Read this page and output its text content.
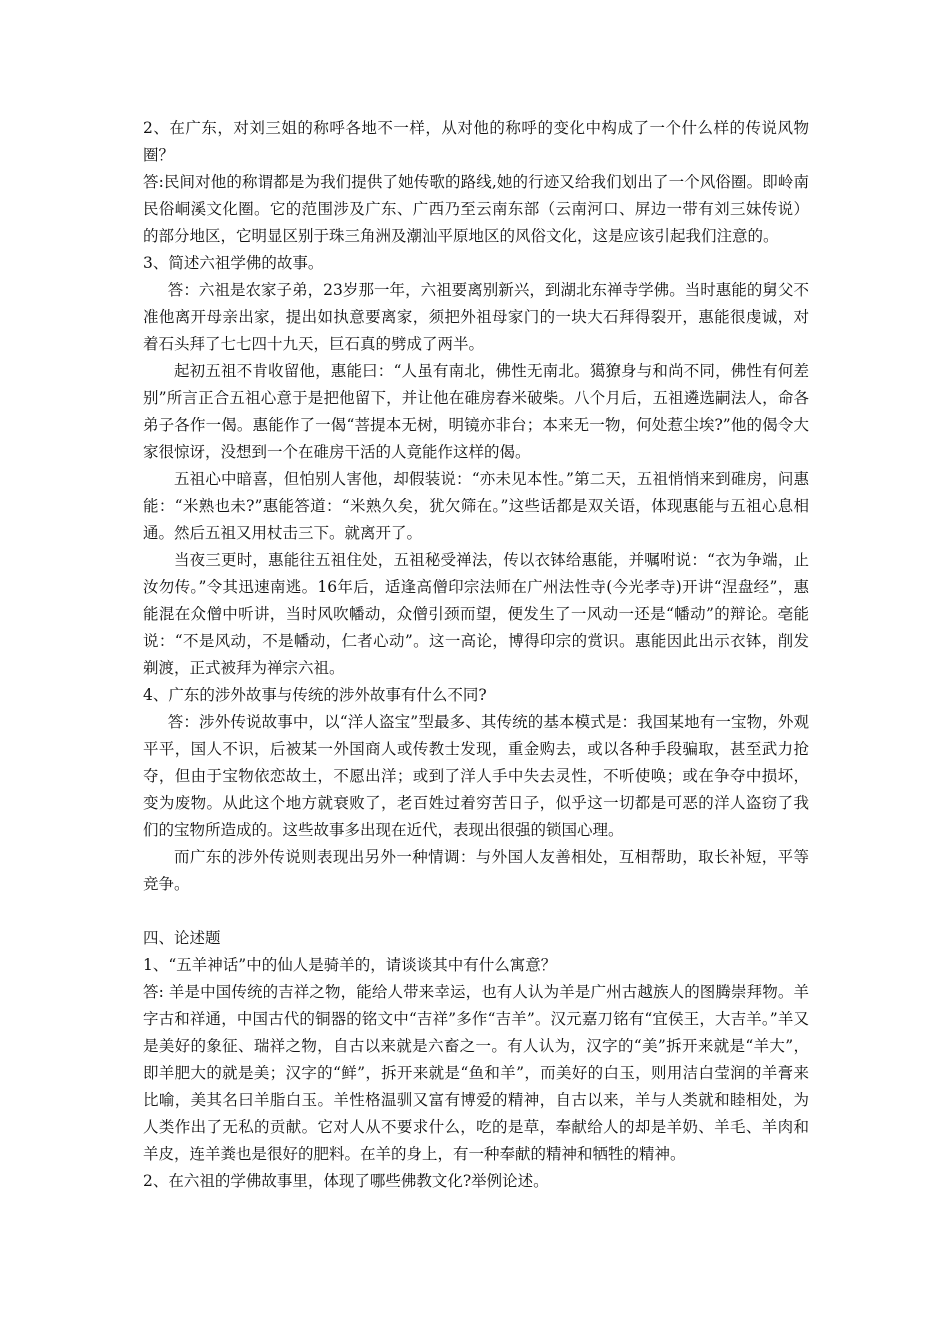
2、在广东，对刘三姐的称呼各地不一样，从对他的称呼的变化中构成了一个什么样的传说风物圈？

答:民间对他的称谓都是为我们提供了她传歌的路线,她的行迹又给我们划出了一个风俗圈。即岭南民俗峒溪文化圈。它的范围涉及广东、广西乃至云南东部（云南河口、屏边一带有刘三妹传说）的部分地区，它明显区别于珠三角洲及潮汕平原地区的风俗文化，这是应该引起我们注意的。

3、简述六祖学佛的故事。

答：六祖是农家子弟，23岁那一年，六祖要离别新兴，到湖北东禅寺学佛。当时惠能的舅父不准他离开母亲出家，提出如执意要离家，须把外祖母家门的一块大石拜得裂开，惠能很虔诚，对着石头拜了七七四十九天，巨石真的劈成了两半。

起初五祖不肯收留他，惠能曰：“人虽有南北，佛性无南北。獦獠身与和尚不同，佛性有何差别”所言正合五祖心意于是把他留下，并让他在碓房舂米破柴。八个月后，五祖遴选嗣法人，命各弟子各作一偈。惠能作了一偈“菩提本无树，明镜亦非台；本来无一物，何处惹尘埃?”他的偈令大家很惊讶，没想到一个在碓房干活的人竟能作这样的偈。

五祖心中暗喜，但怕别人害他，却假装说：“亦未见本性。”第二天，五祖悄悄来到碓房，问惠能：“米熟也未?”惠能答道：“米熟久矣，犹欠筛在。”这些话都是双关语，体现惠能与五祖心息相通。然后五祖又用杖击三下。就离开了。

当夜三更时，惠能往五祖住处，五祖秘受禅法，传以衣钵给惠能，并嘱咐说：“衣为争端，止汝勿传。”令其迅速南逃。16年后，适逢高僧印宗法师在广州法性寺(今光孝寺)开讲“涅盘经”，惠能混在众僧中听讲，当时风吹幡动，众僧引颈而望，便发生了一风动一还是“幡动”的辩论。亳能说：“不是风动，不是幡动，仁者心动”。这一高论，博得印宗的赏识。惠能因此出示衣钵，削发剃渡，正式被拜为禅宗六祖。

4、广东的涉外故事与传统的涉外故事有什么不同?

答：涉外传说故事中，以“洋人盗宝”型最多、其传统的基本模式是：我国某地有一宝物，外观平平，国人不识，后被某一外国商人或传教士发现，重金购去，或以各种手段骗取，甚至武力抢夺，但由于宝物依恋故土，不愿出洋；或到了洋人手中失去灵性，不听使唤；或在争夺中损坏，变为废物。从此这个地方就衰败了，老百姓过着穷苦日子，似乎这一切都是可恶的洋人盗窃了我们的宝物所造成的。这些故事多出现在近代，表现出很强的锁国心理。

而广东的涉外传说则表现出另外一种情调：与外国人友善相处，互相帮助，取长补短，平等竞争。

四、论述题

1、“五羊神话”中的仙人是骑羊的，请谈谈其中有什么寓意？

答: 羊是中国传统的吉祥之物，能给人带来幸运，也有人认为羊是广州古越族人的图腾崇拜物。羊字古和祥通，中国古代的铜器的铭文中“吉祥”多作“吉羊”。汉元嘉刀铭有“宜侯王，大吉羊。”羊又是美好的象征、瑞祥之物，自古以来就是六畜之一。有人认为，汉字的“美”拆开来就是“羊大”，即羊肥大的就是美；汉字的“鲜”，拆开来就是“鱼和羊”，而美好的白玉，则用洁白莹润的羊膏来比喻，美其名曰羊脂白玉。羊性格温驯又富有博爱的精神，自古以来，羊与人类就和睦相处，为人类作出了无私的贡献。它对人从不要求什么，吃的是草，奉献给人的却是羊奶、羊毛、羊肉和羊皮，连羊粪也是很好的肥料。在羊的身上，有一种奉献的精神和牺牲的精神。

2、在六祖的学佛故事里，体现了哪些佛教文化?举例论述。
